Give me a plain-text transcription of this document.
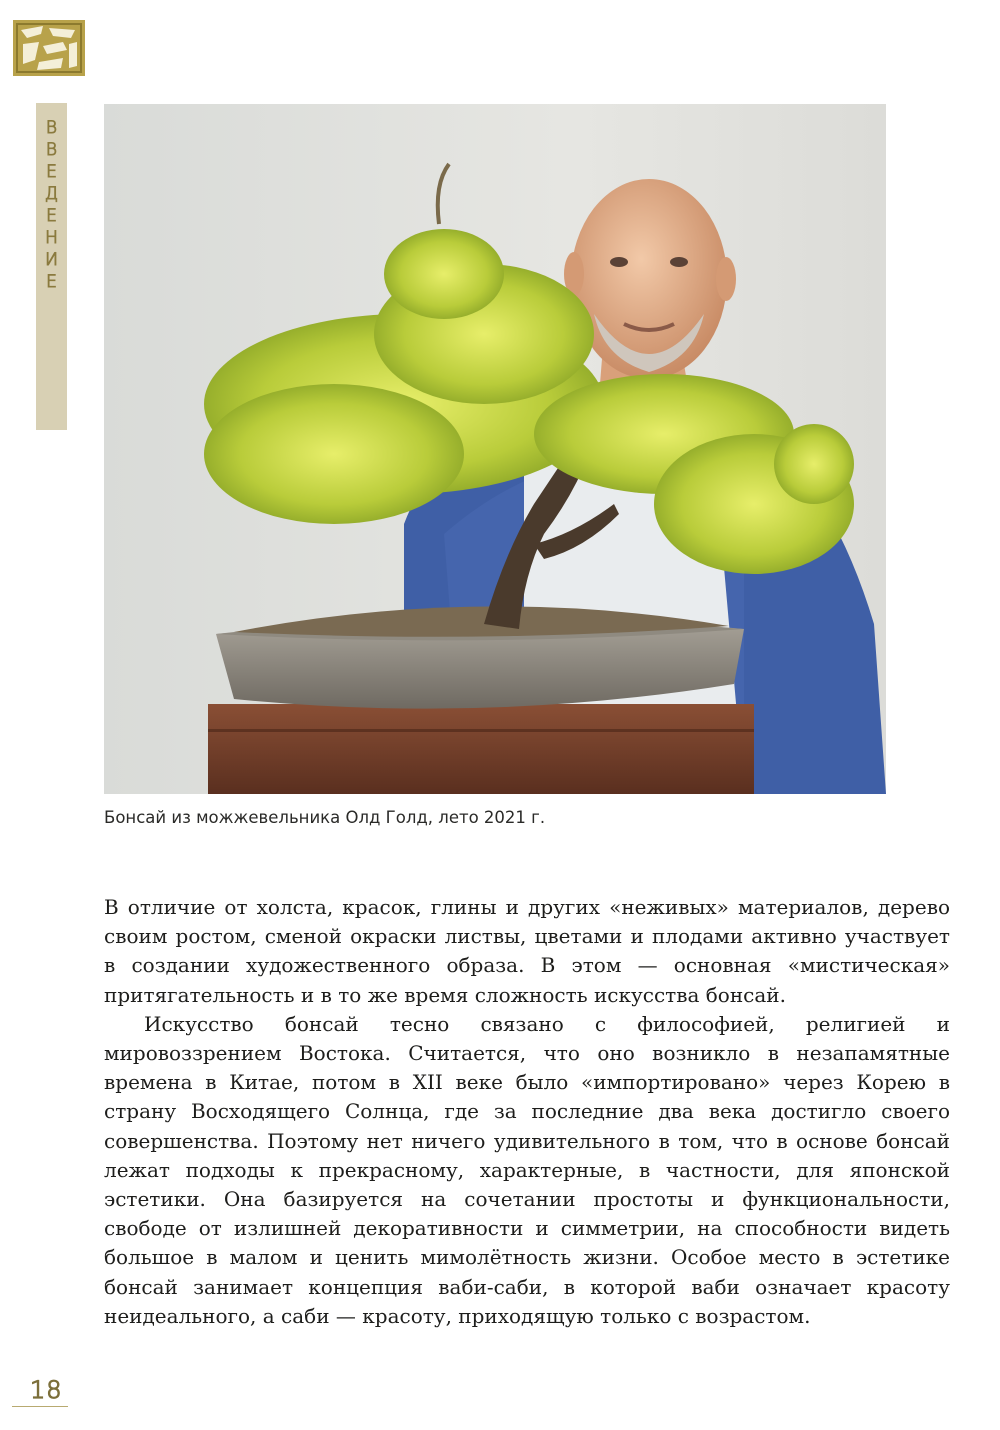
В
В
Е
Д
Е
Н
И
Е
Бонсай из можжевельника Олд Голд, лето 2021 г.

В отличие от холста, красок, глины и других «неживых» материалов, дерево своим ростом, сменой окраски листвы, цветами и плодами активно участвует в создании художественного образа. В этом — основная «мистическая» притягательность и в то же время сложность искусства бонсай.

Искусство бонсай тесно связано с философией, религией и мировоззрением Востока. Считается, что оно возникло в незапамятные времена в Китае, потом в XII веке было «импортировано» через Корею в страну Восходящего Солнца, где за последние два века достигло своего совершенства. Поэтому нет ничего удивительного в том, что в основе бонсай лежат подходы к прекрасному, характерные, в частности, для японской эстетики. Она базируется на сочетании простоты и функциональности, свободе от излишней декоративности и симметрии, на способности видеть большое в малом и ценить мимолётность жизни. Особое место в эстетике бонсай занимает концепция ваби-саби, в которой ваби означает красоту неидеального, а саби — красоту, приходящую только с возрастом.

18
